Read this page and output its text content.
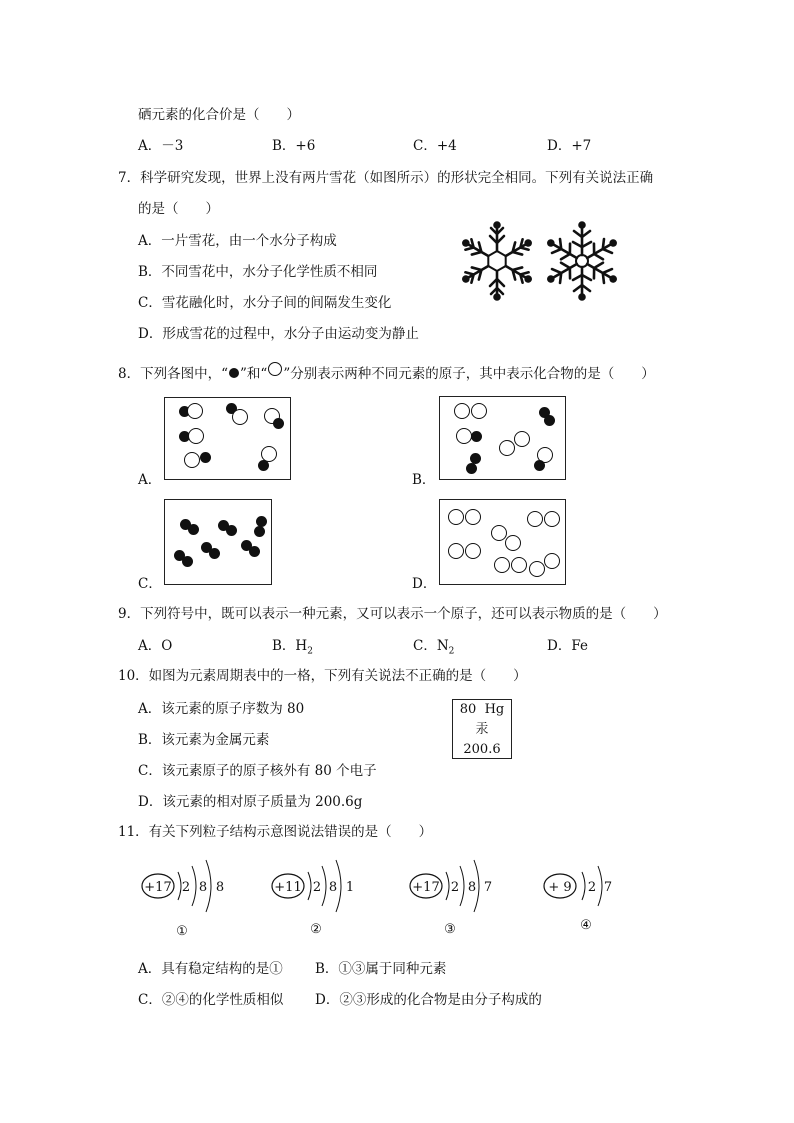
硒元素的化合价是（　　）
A．－3	B．+6	C．+4	D．+7
7．科学研究发现，世界上没有两片雪花（如图所示）的形状完全相同。下列有关说法正确
的是（　　）
A．一片雪花，由一个水分子构成
B．不同雪花中，水分子化学性质不相同
C．雪花融化时，水分子间的间隔发生变化
D．形成雪花的过程中，水分子由运动变为静止
8．下列各图中，“ ”和“ ”分别表示两种不同元素的原子，其中表示化合物的是（　　）
A．	B．
C．	D．
9．下列符号中，既可以表示一种元素，又可以表示一个原子，还可以表示物质的是（　　）
A．O	B．$H_2$	C．$N_2$	D．Fe
10．如图为元素周期表中的一格，下列有关说法不正确的是（　　）
A．该元素的原子序数为 80
B．该元素为金属元素
C．该元素原子的原子核外有 80 个电子
D．该元素的相对原子质量为 200.6g
80 Hg
汞
200.6
11．有关下列粒子结构示意图说法错误的是（　　）
+17 2 8 8
①
+11 2 8 1
②
+17 2 8 7
③
+ 9 2 7
④
A．具有稳定结构的是① B．①③属于同种元素
C．②④的化学性质相似 D．②③形成的化合物是由分子构成的
